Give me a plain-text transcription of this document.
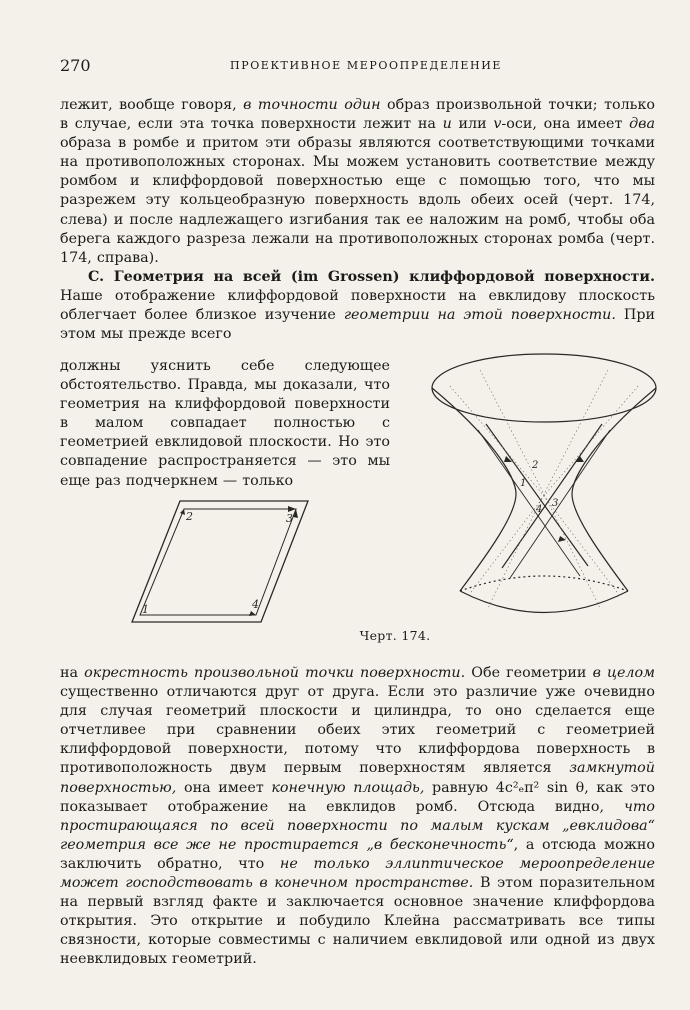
270	ПРОЕКТИВНОЕ МЕРООПРЕДЕЛЕНИЕ

лежит, вообще говоря, в точности один образ произвольной точки; только в случае, если эта точка поверхности лежит на u или v-оси, она имеет два образа в ромбе и притом эти образы являются соответствующими точками на противоположных сторонах. Мы можем установить соответствие между ромбом и клиффордовой поверхностью еще с помощью того, что мы разрежем эту кольцеобразную поверхность вдоль обеих осей (черт. 174, слева) и после надлежащего изгибания так ее наложим на ромб, чтобы оба берега каждого разреза лежали на противоположных сторонах ромба (черт. 174, справа).

C. Геометрия на всей (im Grossen) клиффордовой поверхности. Наше отображение клиффордовой поверхности на евклидову плоскость облегчает более близкое изучение геометрии на этой поверхности. При этом мы прежде всего

должны уяснить себе следующее обстоятельство. Правда, мы доказали, что геометрия на клиффордовой поверхности в малом совпадает полностью с геометрией евклидовой плоскости. Но это совпадение распространяется — это мы еще раз подчеркнем — только

1
2	3
4
1
2
3
4
Черт. 174.

на окрестность произвольной точки поверхности. Обе геометрии в целом существенно отличаются друг от друга. Если это различие уже очевидно для случая геометрий плоскости и цилиндра, то оно сделается еще отчетливее при сравнении обеих этих геометрий с геометрией клиффордовой поверхности, потому что клиффордова поверхность в противоположность двум первым поверхностям является замкнутой поверхностью, она имеет конечную площадь, равную 4c²ₑπ² sin θ, как это показывает отображение на евклидов ромб. Отсюда видно, что простирающаяся по всей поверхности по малым кускам „евклидова“ геометрия все же не простирается „в бесконечность“, а отсюда можно заключить обратно, что не только эллиптическое мероопределение может господствовать в конечном пространстве. В этом поразительном на первый взгляд факте и заключается основное значение клиффордова открытия. Это открытие и побудило Клейна рассматривать все типы связности, которые совместимы с наличием евклидовой или одной из двух неевклидовых геометрий.
